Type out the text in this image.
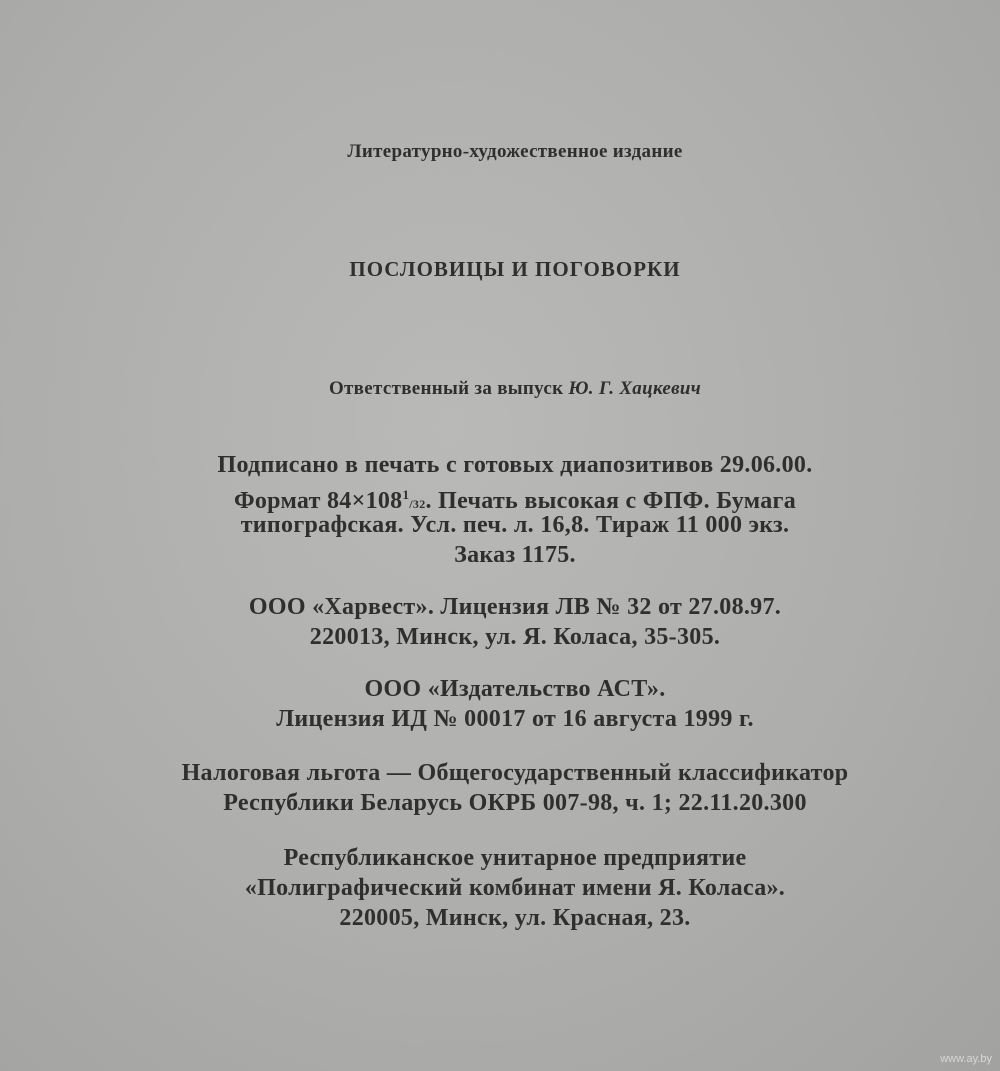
Литературно-художественное издание
ПОСЛОВИЦЫ И ПОГОВОРКИ
Ответственный за выпуск Ю. Г. Хацкевич
Подписано в печать с готовых диапозитивов 29.06.00.
Формат $84\times 108^1/32$. Печать высокая с ФПФ. Бумага
типографская. Усл. печ. л. 16,8. Тираж 11 000 экз.
Заказ 1175.
ООО «Харвест». Лицензия ЛВ № 32 от 27.08.97.
220013, Минск, ул. Я. Коласа, 35-305.
ООО «Издательство АСТ».
Лицензия ИД № 00017 от 16 августа 1999 г.
Налоговая льгота — Общегосударственный классификатор
Республики Беларусь ОКРБ 007-98, ч. 1; 22.11.20.300
Республиканское унитарное предприятие
«Полиграфический комбинат имени Я. Коласа».
220005, Минск, ул. Красная, 23.
www.ay.by
